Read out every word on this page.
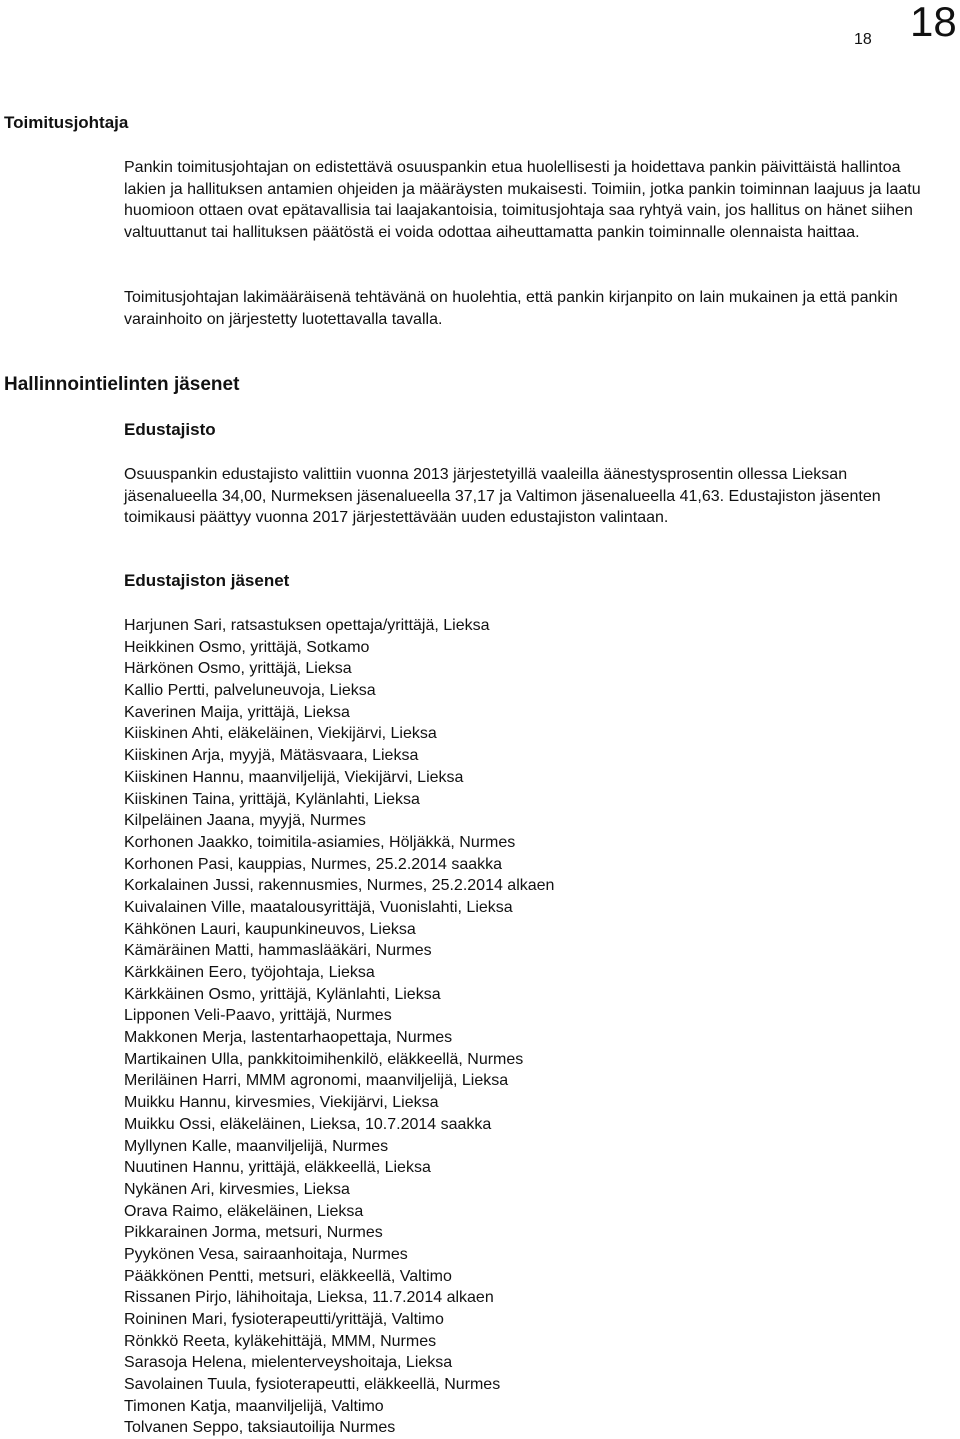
18 18
Toimitusjohtaja

Pankin toimitusjohtajan on edistettävä osuuspankin etua huolellisesti ja hoidettava pankin päivittäistä hallintoa lakien ja hallituksen antamien ohjeiden ja määräysten mukaisesti. Toimiin, jotka pankin toiminnan laajuus ja laatu huomioon ottaen ovat epätavallisia tai laajakantoisia, toimitusjohtaja saa ryhtyä vain, jos hallitus on hänet siihen valtuuttanut tai hallituksen päätöstä ei voida odottaa aiheuttamatta pankin toiminnalle olennaista haittaa.

Toimitusjohtajan lakimääräisenä tehtävänä on huolehtia, että pankin kirjanpito on lain mukainen ja että pankin varainhoito on järjestetty luotettavalla tavalla.

Hallinnointielinten jäsenet
Edustajisto

Osuuspankin edustajisto valittiin vuonna 2013 järjestetyillä vaaleilla äänestysprosentin ollessa Lieksan jäsenalueella 34,00, Nurmeksen jäsenalueella 37,17 ja Valtimon jäsenalueella 41,63. Edustajiston jäsenten toimikausi päättyy vuonna 2017 järjestettävään uuden edustajiston valintaan.

Edustajiston jäsenet
Harjunen Sari, ratsastuksen opettaja/yrittäjä, Lieksa
Heikkinen Osmo, yrittäjä, Sotkamo
Härkönen Osmo, yrittäjä, Lieksa
Kallio Pertti, palveluneuvoja, Lieksa
Kaverinen Maija, yrittäjä, Lieksa
Kiiskinen Ahti, eläkeläinen, Viekijärvi, Lieksa
Kiiskinen Arja, myyjä, Mätäsvaara, Lieksa
Kiiskinen Hannu, maanviljelijä, Viekijärvi, Lieksa
Kiiskinen Taina, yrittäjä, Kylänlahti, Lieksa
Kilpeläinen Jaana, myyjä, Nurmes
Korhonen Jaakko, toimitila-asiamies, Höljäkkä, Nurmes
Korhonen Pasi, kauppias, Nurmes, 25.2.2014 saakka
Korkalainen Jussi, rakennusmies, Nurmes, 25.2.2014 alkaen
Kuivalainen Ville, maatalousyrittäjä, Vuonislahti, Lieksa
Kähkönen Lauri, kaupunkineuvos, Lieksa
Kämäräinen Matti, hammaslääkäri, Nurmes
Kärkkäinen Eero, työjohtaja, Lieksa
Kärkkäinen Osmo, yrittäjä, Kylänlahti, Lieksa
Lipponen Veli-Paavo, yrittäjä, Nurmes
Makkonen Merja, lastentarhaopettaja, Nurmes
Martikainen Ulla, pankkitoimihenkilö, eläkkeellä, Nurmes
Meriläinen Harri, MMM agronomi, maanviljelijä, Lieksa
Muikku Hannu, kirvesmies, Viekijärvi, Lieksa
Muikku Ossi, eläkeläinen, Lieksa, 10.7.2014 saakka
Myllynen Kalle, maanviljelijä, Nurmes
Nuutinen Hannu, yrittäjä, eläkkeellä, Lieksa
Nykänen Ari, kirvesmies, Lieksa
Orava Raimo, eläkeläinen, Lieksa
Pikkarainen Jorma, metsuri, Nurmes
Pyykönen Vesa, sairaanhoitaja, Nurmes
Pääkkönen Pentti, metsuri, eläkkeellä, Valtimo
Rissanen Pirjo, lähihoitaja, Lieksa, 11.7.2014 alkaen
Roininen Mari, fysioterapeutti/yrittäjä, Valtimo
Rönkkö Reeta, kyläkehittäjä, MMM, Nurmes
Sarasoja Helena, mielenterveyshoitaja, Lieksa
Savolainen Tuula, fysioterapeutti, eläkkeellä, Nurmes
Timonen Katja, maanviljelijä, Valtimo
Tolvanen Seppo, taksiautoilija Nurmes
